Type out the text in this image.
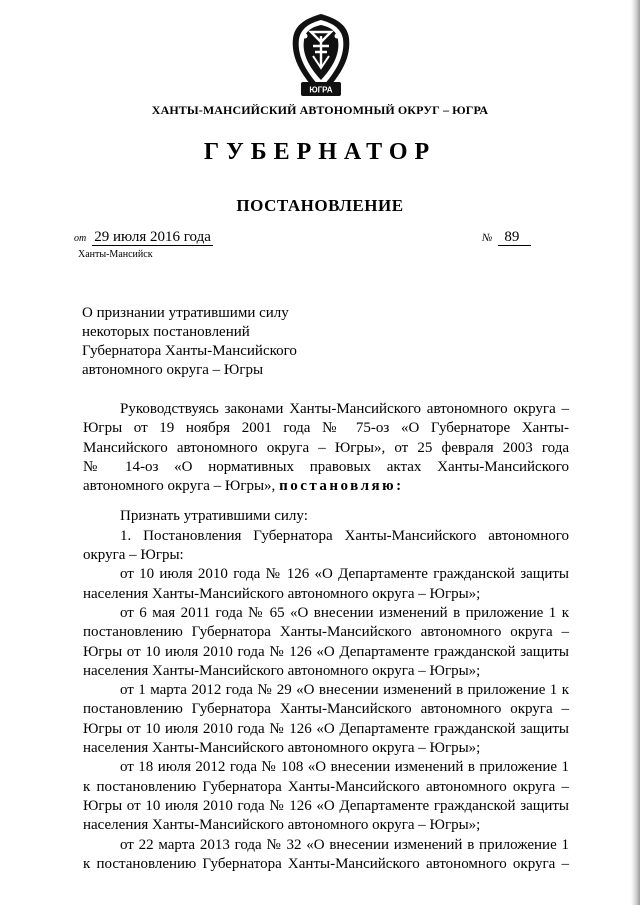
ЮГРА
ХАНТЫ-МАНСИЙСКИЙ АВТОНОМНЫЙ ОКРУГ – ЮГРА
ГУБЕРНАТОР
ПОСТАНОВЛЕНИЕ
от 29 июля 2016 года
Ханты-Мансийск
№ 89
О признании утратившими силу
некоторых постановлений
Губернатора Ханты-Мансийского
автономного округа – Югры
Руководствуясь законами Ханты-Мансийского автономного округа –
Югры от 19 ноября 2001 года № 75-оз «О Губернаторе Ханты-
Мансийского автономного округа – Югры», от 25 февраля 2003 года
№ 14-оз «О нормативных правовых актах Ханты-Мансийского
автономного округа – Югры», постановляю:
Признать утратившими силу:
1. Постановления Губернатора Ханты-Мансийского автономного
округа – Югры:
от 10 июля 2010 года № 126 «О Департаменте гражданской защиты
населения Ханты-Мансийского автономного округа – Югры»;
от 6 мая 2011 года № 65 «О внесении изменений в приложение 1 к
постановлению Губернатора Ханты-Мансийского автономного округа –
Югры от 10 июля 2010 года № 126 «О Департаменте гражданской защиты
населения Ханты-Мансийского автономного округа – Югры»;
от 1 марта 2012 года № 29 «О внесении изменений в приложение 1 к
постановлению Губернатора Ханты-Мансийского автономного округа –
Югры от 10 июля 2010 года № 126 «О Департаменте гражданской защиты
населения Ханты-Мансийского автономного округа – Югры»;
от 18 июля 2012 года № 108 «О внесении изменений в приложение 1
к постановлению Губернатора Ханты-Мансийского автономного округа –
Югры от 10 июля 2010 года № 126 «О Департаменте гражданской защиты
населения Ханты-Мансийского автономного округа – Югры»;
от 22 марта 2013 года № 32 «О внесении изменений в приложение 1
к постановлению Губернатора Ханты-Мансийского автономного округа –
